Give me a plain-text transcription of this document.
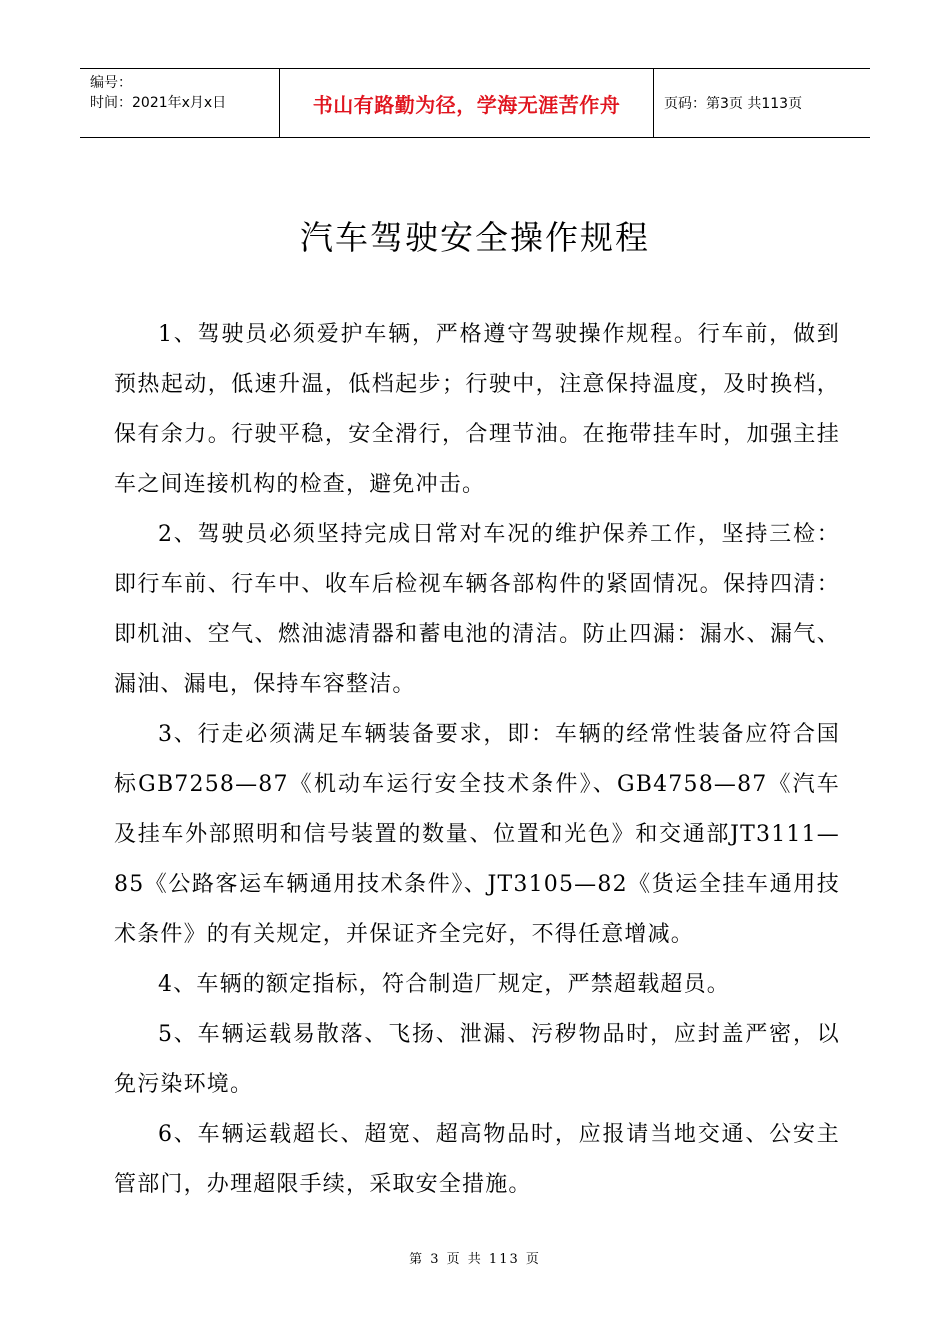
编号：
时间：2021年x月x日	书山有路勤为径，学海无涯苦作舟	页码：第3页 共113页
汽车驾驶安全操作规程

1、驾驶员必须爱护车辆，严格遵守驾驶操作规程。行车前，做到预热起动，低速升温，低档起步；行驶中，注意保持温度，及时换档，保有余力。行驶平稳，安全滑行，合理节油。在拖带挂车时，加强主挂车之间连接机构的检查，避免冲击。

2、驾驶员必须坚持完成日常对车况的维护保养工作，坚持三检：即行车前、行车中、收车后检视车辆各部构件的紧固情况。保持四清：即机油、空气、燃油滤清器和蓄电池的清洁。防止四漏：漏水、漏气、漏油、漏电，保持车容整洁。

3、行走必须满足车辆装备要求，即：车辆的经常性装备应符合国标GB7258—87《机动车运行安全技术条件》、GB4758—87《汽车及挂车外部照明和信号装置的数量、位置和光色》和交通部JT3111—85《公路客运车辆通用技术条件》、JT3105—82《货运全挂车通用技术条件》的有关规定，并保证齐全完好，不得任意增减。

4、车辆的额定指标，符合制造厂规定，严禁超载超员。

5、车辆运载易散落、飞扬、泄漏、污秽物品时，应封盖严密，以免污染环境。

6、车辆运载超长、超宽、超高物品时，应报请当地交通、公安主管部门，办理超限手续，采取安全措施。

第 3 页 共 113 页
